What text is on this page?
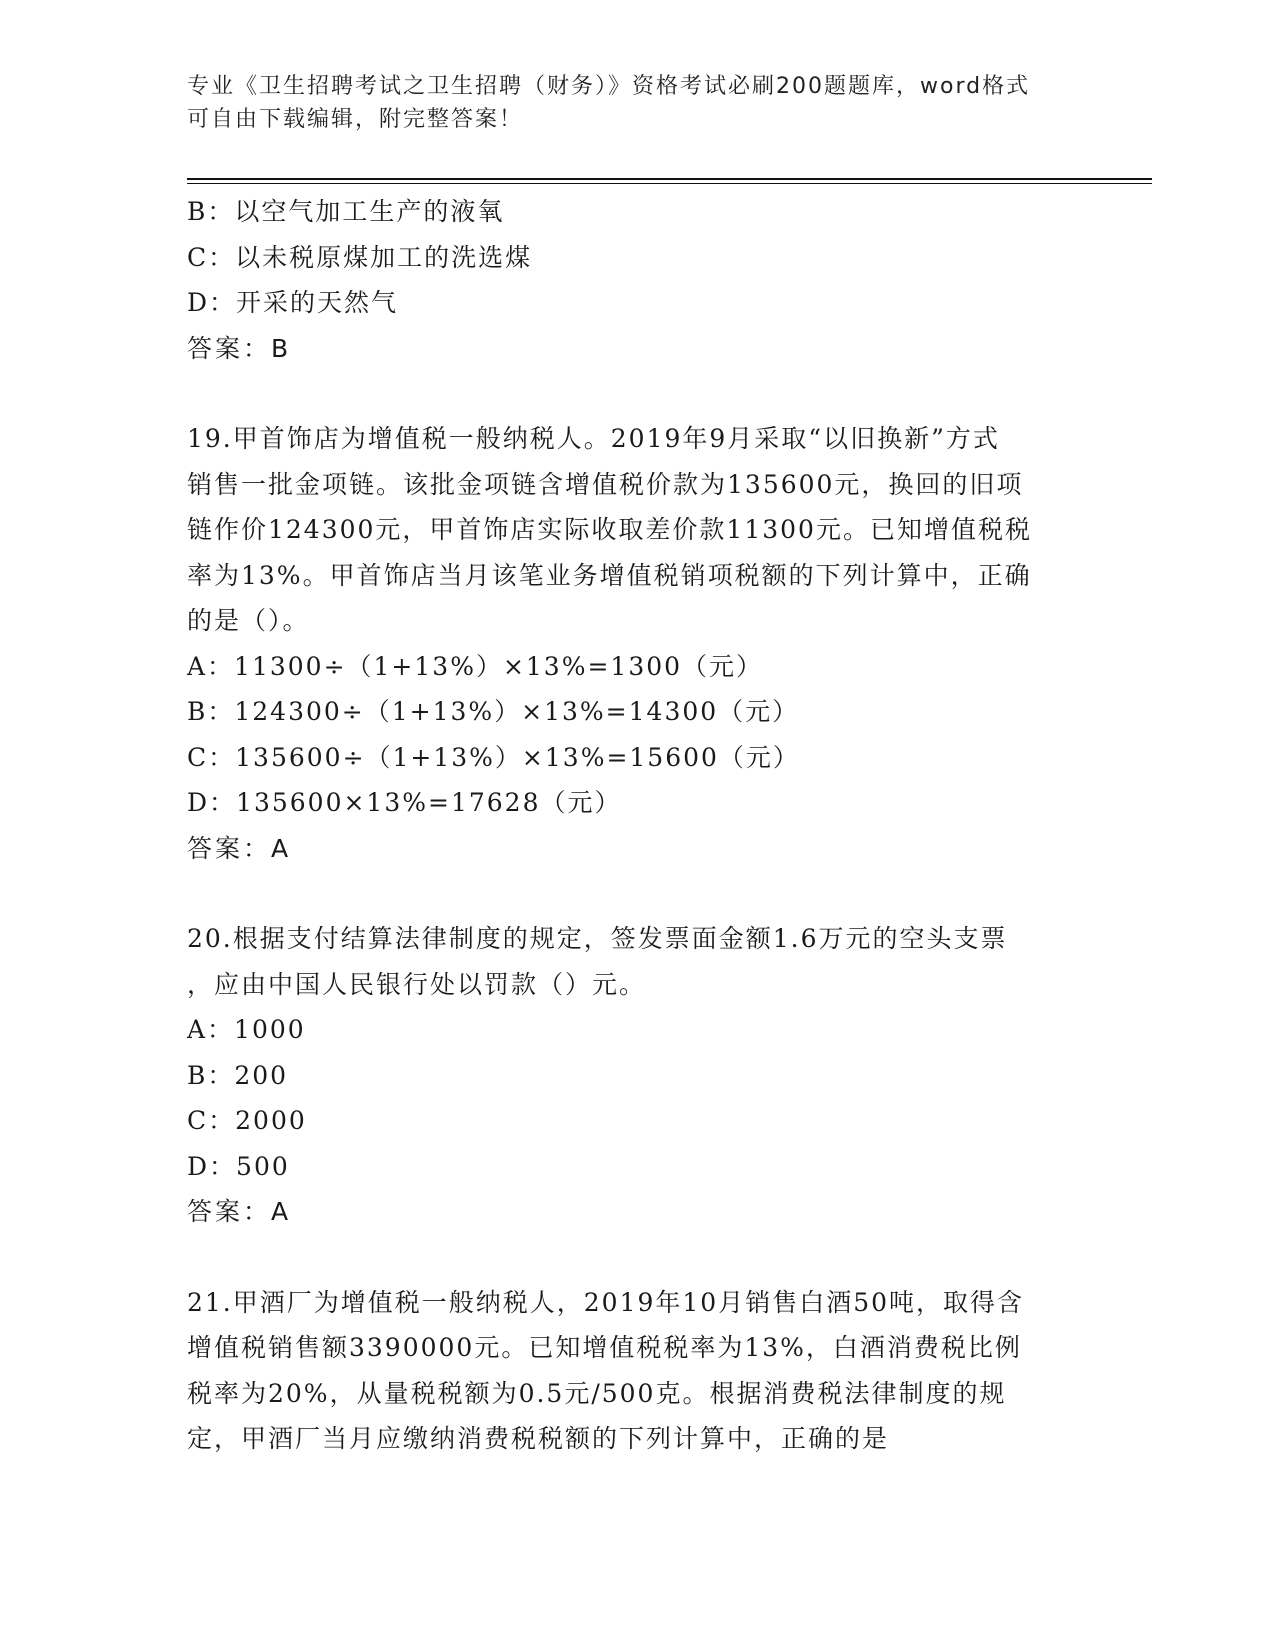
专业《卫生招聘考试之卫生招聘（财务）》资格考试必刷200题题库，word格式
可自由下载编辑，附完整答案！
B：以空气加工生产的液氧
C：以未税原煤加工的洗选煤
D：开采的天然气
答案：B
19.甲首饰店为增值税一般纳税人。2019年9月采取“以旧换新”方式
销售一批金项链。该批金项链含增值税价款为135600元，换回的旧项
链作价124300元，甲首饰店实际收取差价款11300元。已知增值税税
率为13%。甲首饰店当月该笔业务增值税销项税额的下列计算中，正确
的是（）。
A：11300÷（1+13%）×13%=1300（元）
B：124300÷（1+13%）×13%=14300（元）
C：135600÷（1+13%）×13%=15600（元）
D：135600×13%=17628（元）
答案：A
20.根据支付结算法律制度的规定，签发票面金额1.6万元的空头支票
，应由中国人民银行处以罚款（）元。
A：1000
B：200
C：2000
D：500
答案：A
21.甲酒厂为增值税一般纳税人，2019年10月销售白酒50吨，取得含
增值税销售额3390000元。已知增值税税率为13%，白酒消费税比例
税率为20%，从量税税额为0.5元/500克。根据消费税法律制度的规
定，甲酒厂当月应缴纳消费税税额的下列计算中，正确的是
